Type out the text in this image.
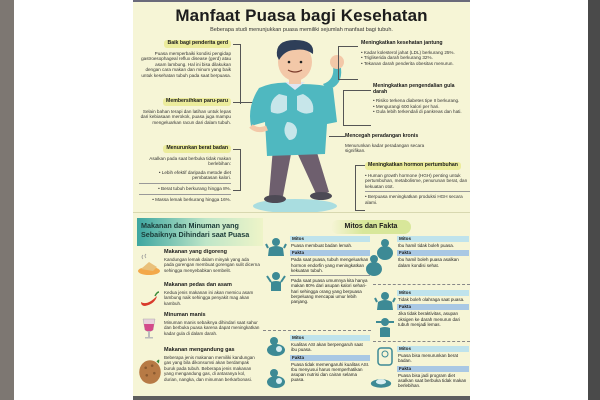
Manfaat Puasa bagi Kesehatan
Beberapa studi menunjukkan puasa memiliki sejumlah manfaat bagi tubuh.
Baik bagi penderita gerd
Puasa memperbaiki kondisi pengidap gastroesophageal reflux disease (gerd) atau asam lambung. Hal ini bisa dilakukan dengan cara makan dan minum yang baik untuk kesehatan tubuh pada saat berpuasa.
Membersihkan paru-paru
Selain bahan terapi dan latihan untuk lepas dari kebiasaan merokok, puasa juga mampu mengeluarkan racun dari dalam tubuh.
Menurunkan berat badan

Asalkan pada saat berbuka tidak makan berlebihan:
• Lebih efektif daripada metode diet pembatasan kalori.
• Berat tubuh berkurang hingga 8%.
• Massa lemak berkurang hingga 16%.
Meningkatkan kesehatan jantung
• Kadar kolesterol jahat (LDL) berkurang 25%.
• Trigliserida darah berkurang 32%.
• Tekanan darah penderita obesitas menurun.
Meningkatkan pengendalian gula darah
• Risiko terkena diabetes tipe II berkurang.
• Mengurangi 600 kalori per hari.
• Gula lebih terkendali di pankreas dan hati.
Mencegah peradangan kronis
Menurunkan kadar peradangan secara signifikan.
Meningkatkan hormon pertumbuhan
• Human growth hormone (HGH) penting untuk pertumbuhan, metabolisme, penurunan berat, dan kekuatan otot.
• Berpuasa meningkatkan produksi HGH secara alami.
Makanan dan Minuman yang Sebaiknya Dihindari saat Puasa
Makanan yang digoreng
Kandungan lemak dalam minyak yang ada pada gorengan membuat gorengan sulit dicerna sehingga menyebabkan sembelit.
Makanan pedas dan asam
Kedua jenis makanan ini akan memicu asam lambung naik sehingga penyakit mag akan kambuh.
Minuman manis
Minuman manis sebaiknya dihindari saat sahur dan berbuka puasa karena dapat meningkatkan kadar gula di dalam darah.
Makanan mengandung gas
Beberapa jenis makanan memiliki kandungan gas yang bila dikonsumsi akan berdampak buruk pada tubuh. Beberapa jenis makanan yang mengandung gas, di antaranya kol, durian, nangka, dan minuman berkarbonasi.
Mitos dan Fakta
Mitos
Puasa membuat badan lemah.
Fakta
Pada saat puasa, tubuh mengeluarkan hormon endorfin yang meningkatkan kekuatan tubuh.
Pada saat puasa umumnya kita hanya makan 80% dari asupan kalori sehari-hari sehingga orang yang berpuasa berpeluang mencapai umur lebih panjang.
Mitos
Kualitas ASI akan berpengaruh saat ibu puasa.
Fakta
Puasa tidak memengaruhi kualitas ASI. Ibu menyusui harus memperhatikan asupan nutrisi dan cairan selama puasa.
Mitos
Ibu hamil tidak boleh puasa.
Fakta
Ibu hamil boleh puasa asalkan dalam kondisi sehat.
Mitos
Tidak boleh olahraga saat puasa.
Fakta
Jika tidak beraktivitas, asupan oksigen ke darah menurun dari tubuh menjadi lemas.
Mitos
Puasa bisa menurunkan berat badan.
Fakta
Puasa bisa jadi program diet asalkan saat berbuka tidak makan berlebihan.
